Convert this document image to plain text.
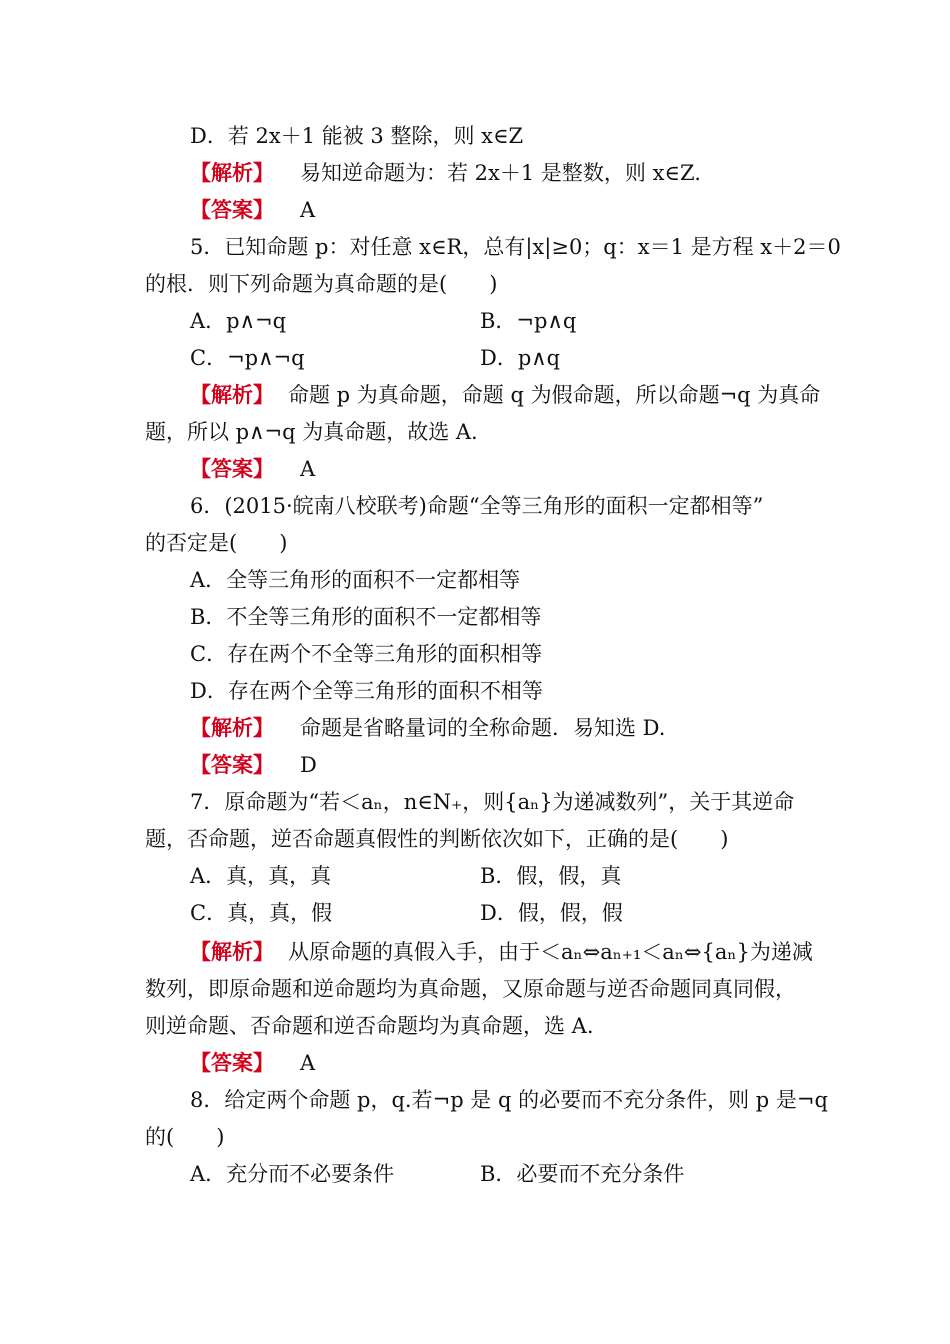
D．若 2x＋1 能被 3 整除，则 x∈Z
【解析】 易知逆命题为：若 2x＋1 是整数，则 x∈Z.
【答案】 A
5．已知命题 p：对任意 x∈R，总有|x|≥0；q：x＝1 是方程 x＋2＝0
的根．则下列命题为真命题的是(　　)
A．p∧¬q	B．¬p∧q
C．¬p∧¬q	D．p∧q
【解析】 命题 p 为真命题，命题 q 为假命题，所以命题¬q 为真命
题，所以 p∧¬q 为真命题，故选 A.
【答案】 A
6．(2015·皖南八校联考)命题“全等三角形的面积一定都相等”
的否定是(　　)
A．全等三角形的面积不一定都相等
B．不全等三角形的面积不一定都相等
C．存在两个不全等三角形的面积相等
D．存在两个全等三角形的面积不相等
【解析】 命题是省略量词的全称命题．易知选 D.
【答案】 D
7．原命题为“若＜aₙ，n∈N₊，则{aₙ}为递减数列”，关于其逆命
题，否命题，逆否命题真假性的判断依次如下，正确的是(　　)
A．真，真，真	B．假，假，真
C．真，真，假	D．假，假，假
【解析】 从原命题的真假入手，由于＜aₙ⇔aₙ₊₁＜aₙ⇔{aₙ}为递减
数列，即原命题和逆命题均为真命题，又原命题与逆否命题同真同假，
则逆命题、否命题和逆否命题均为真命题，选 A.
【答案】 A
8．给定两个命题 p，q.若¬p 是 q 的必要而不充分条件，则 p 是¬q
的(　　)
A．充分而不必要条件	B．必要而不充分条件
